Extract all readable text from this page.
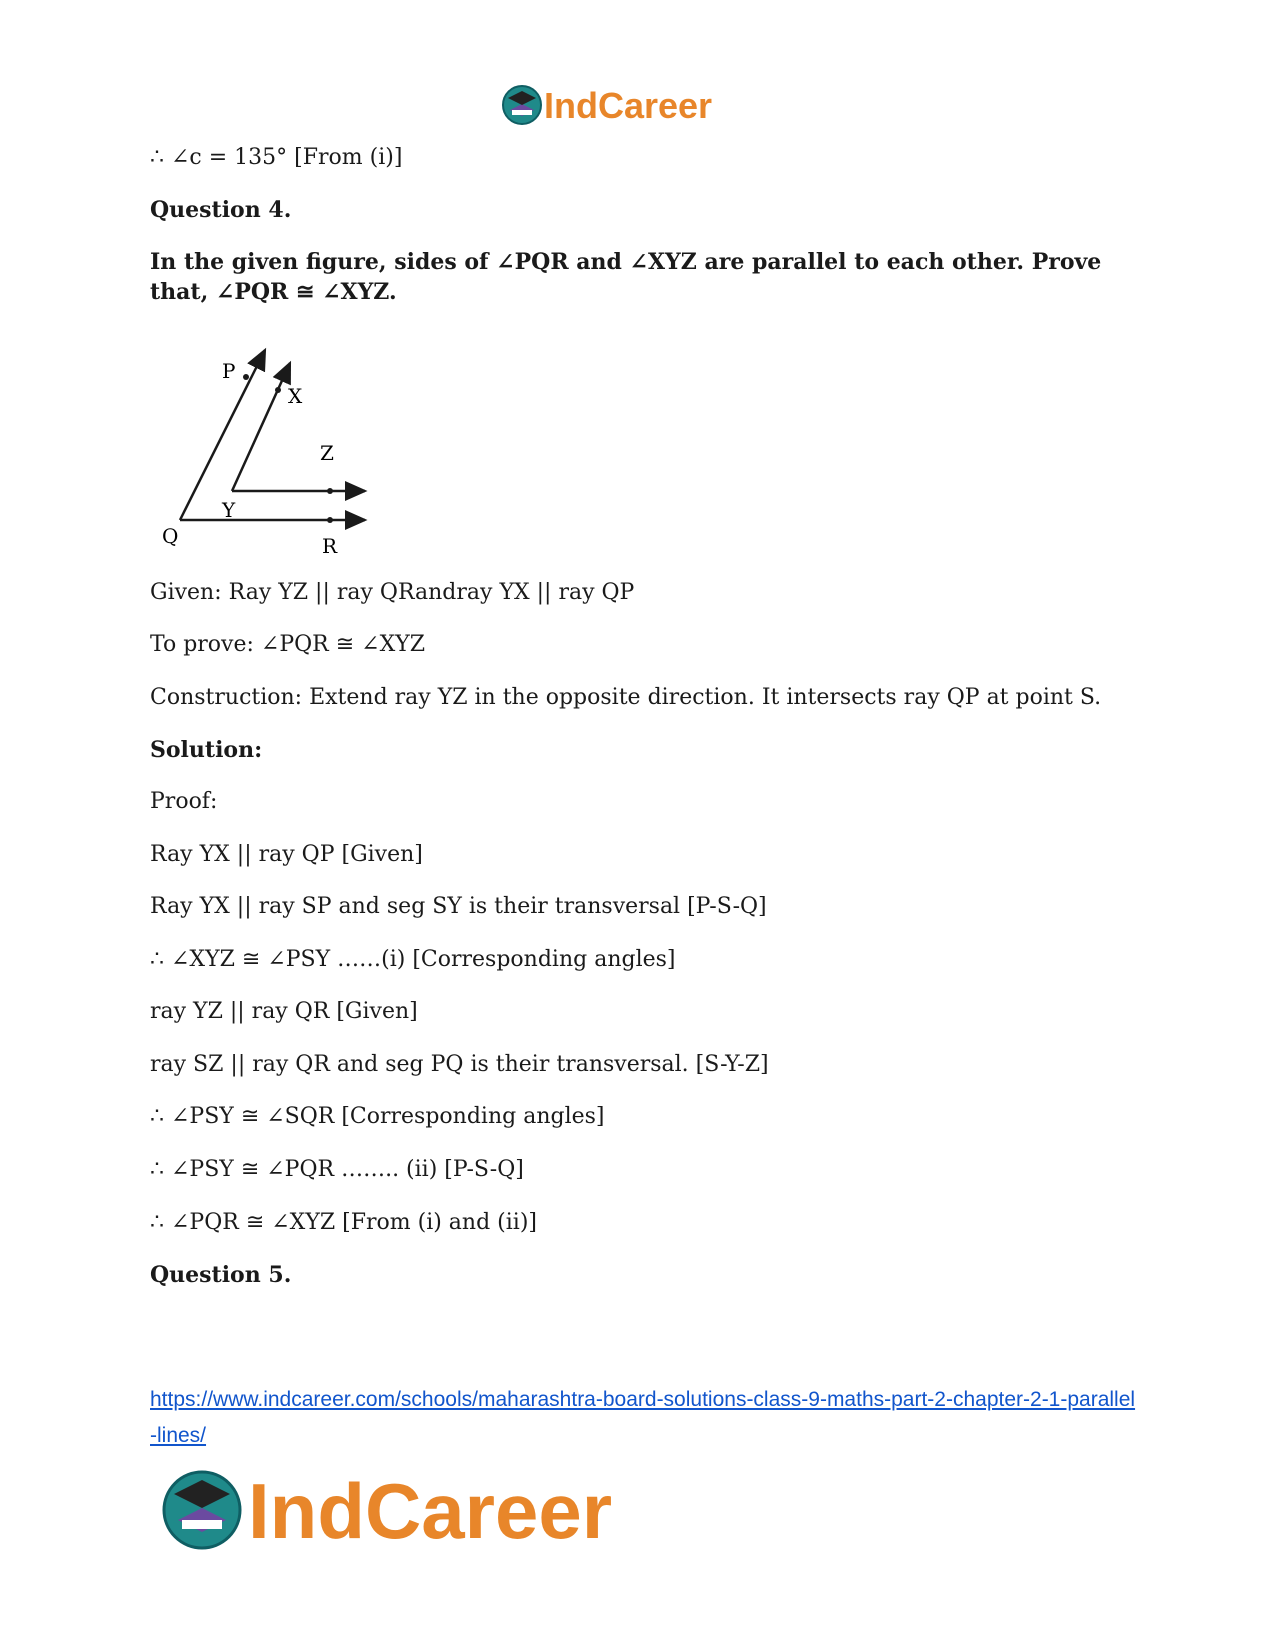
IndCareer
∴ ∠c = 135° [From (i)]
Question 4.
In the given figure, sides of ∠PQR and ∠XYZ are parallel to each other. Prove that, ∠PQR ≅ ∠XYZ.
Given: Ray YZ || ray QRandray YX || ray QP
To prove: ∠PQR ≅ ∠XYZ
Construction: Extend ray YZ in the opposite direction. It intersects ray QP at point S.
Solution:
Proof:
Ray YX || ray QP [Given]
Ray YX || ray SP and seg SY is their transversal [P-S-Q]
∴ ∠XYZ ≅ ∠PSY ……(i) [Corresponding angles]
ray YZ || ray QR [Given]
ray SZ || ray QR and seg PQ is their transversal. [S-Y-Z]
∴ ∠PSY ≅ ∠SQR [Corresponding angles]
∴ ∠PSY ≅ ∠PQR …….. (ii) [P-S-Q]
∴ ∠PQR ≅ ∠XYZ [From (i) and (ii)]
Question 5.
P
X
Z
Y
Q	R
https://www.indcareer.com/schools/maharashtra-board-solutions-class-9-maths-part-2-chapter-2-1-parallel-lines/
IndCareer
